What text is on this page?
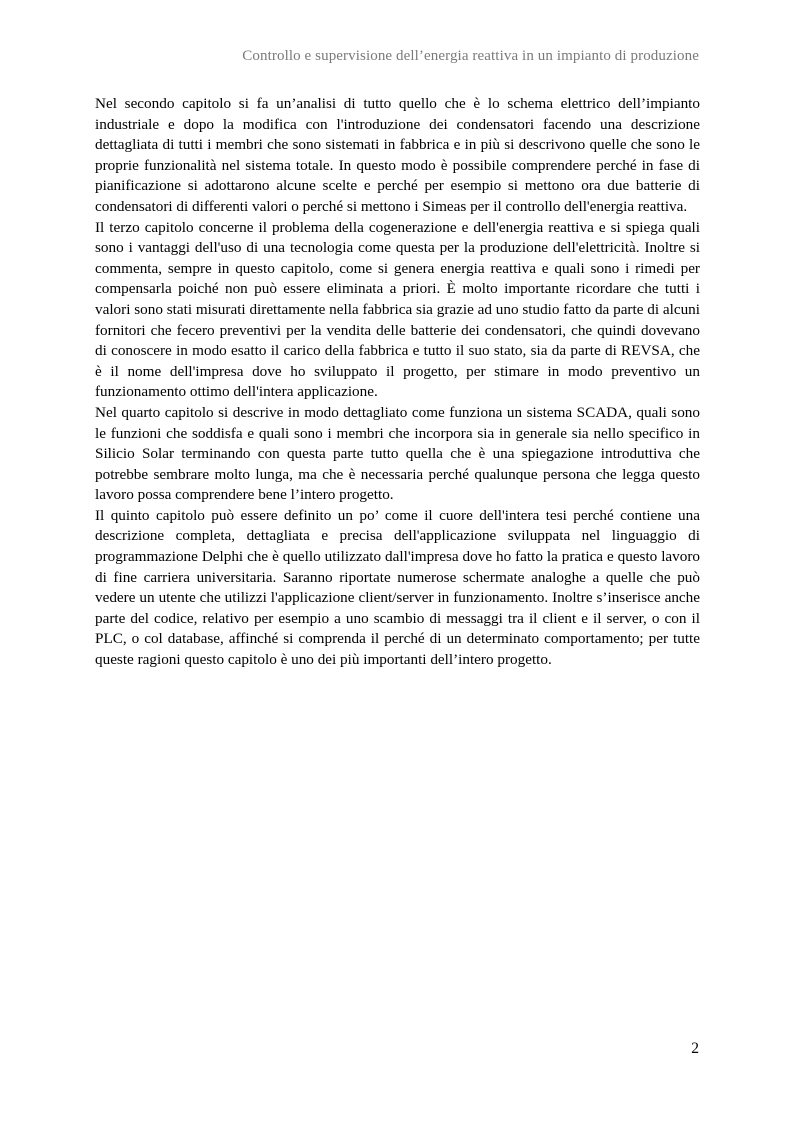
Controllo e supervisione dell’energia reattiva in un impianto di produzione

Nel secondo capitolo si fa un’analisi di tutto quello che è lo schema elettrico dell’impianto industriale e dopo la modifica con l'introduzione dei condensatori facendo una descrizione dettagliata di tutti i membri che sono sistemati in fabbrica e in più si descrivono quelle che sono le proprie funzionalità nel sistema totale. In questo modo è possibile comprendere perché in fase di pianificazione si adottarono alcune scelte e perché per esempio si mettono ora due batterie di condensatori di differenti valori o perché si mettono i Simeas per il controllo dell'energia reattiva.

Il terzo capitolo concerne il problema della cogenerazione e dell'energia reattiva e si spiega quali sono i vantaggi dell'uso di una tecnologia come questa per la produzione dell'elettricità. Inoltre si commenta, sempre in questo capitolo, come si genera energia reattiva e quali sono i rimedi per compensarla poiché non può essere eliminata a priori. È molto importante ricordare che tutti i valori sono stati misurati direttamente nella fabbrica sia grazie ad uno studio fatto da parte di alcuni fornitori che fecero preventivi per la vendita delle batterie dei condensatori, che quindi dovevano di conoscere in modo esatto il carico della fabbrica e tutto il suo stato, sia da parte di REVSA, che è il nome dell'impresa dove ho sviluppato il progetto, per stimare in modo preventivo un funzionamento ottimo dell'intera applicazione.

Nel quarto capitolo si descrive in modo dettagliato come funziona un sistema SCADA, quali sono le funzioni che soddisfa e quali sono i membri che incorpora sia in generale sia nello specifico in Silicio Solar terminando con questa parte tutto quella che è una spiegazione introduttiva che potrebbe sembrare molto lunga, ma che è necessaria perché qualunque persona che legga questo lavoro possa comprendere bene l’intero progetto.

Il quinto capitolo può essere definito un po’ come il cuore dell'intera tesi perché contiene una descrizione completa, dettagliata e precisa dell'applicazione sviluppata nel linguaggio di programmazione Delphi che è quello utilizzato dall'impresa dove ho fatto la pratica e questo lavoro di fine carriera universitaria. Saranno riportate numerose schermate analoghe a quelle che può vedere un utente che utilizzi l'applicazione client/server in funzionamento. Inoltre s’inserisce anche parte del codice, relativo per esempio a uno scambio di messaggi tra il client e il server, o con il PLC, o col database, affinché si comprenda il perché di un determinato comportamento; per tutte queste ragioni questo capitolo è uno dei più importanti dell’intero progetto.

2
